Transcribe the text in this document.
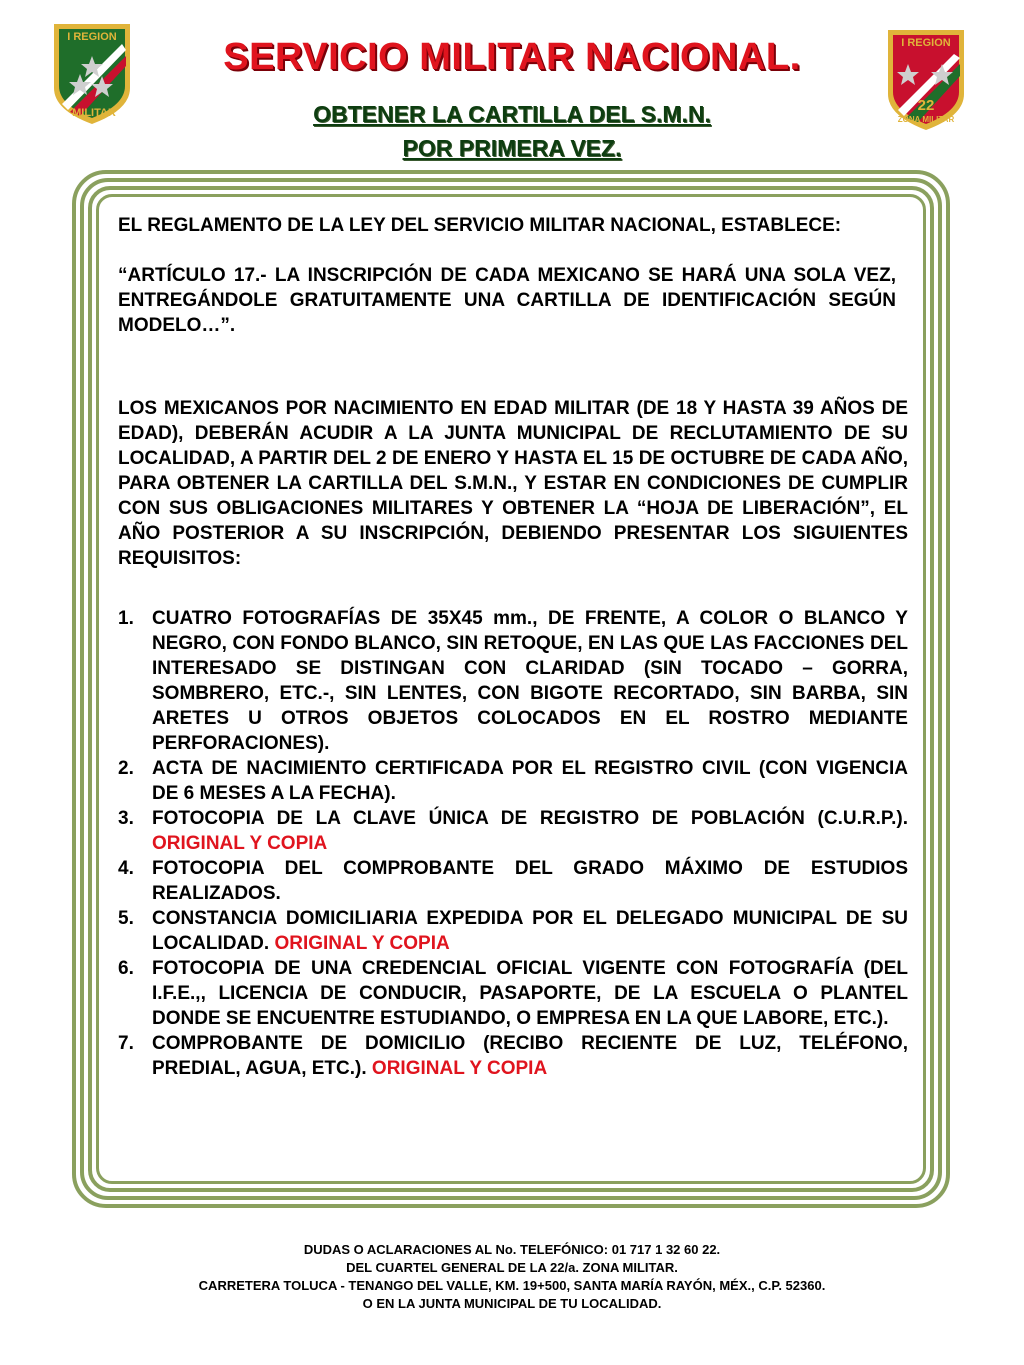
I REGION
MILITAR
I REGION
22
ZONA MILITAR
SERVICIO MILITAR NACIONAL.
OBTENER LA CARTILLA DEL S.M.N.
POR PRIMERA VEZ.

EL REGLAMENTO DE LA LEY DEL SERVICIO MILITAR NACIONAL, ESTABLECE:

“ARTÍCULO 17.- LA INSCRIPCIÓN DE CADA MEXICANO SE HARÁ UNA SOLA VEZ, ENTREGÁNDOLE GRATUITAMENTE UNA CARTILLA DE IDENTIFICACIÓN SEGÚN MODELO…”.

LOS MEXICANOS POR NACIMIENTO EN EDAD MILITAR (DE 18 Y HASTA 39 AÑOS DE EDAD), DEBERÁN ACUDIR A LA JUNTA MUNICIPAL DE RECLUTAMIENTO DE SU LOCALIDAD, A PARTIR DEL 2 DE ENERO Y HASTA EL 15 DE OCTUBRE DE CADA AÑO, PARA OBTENER LA CARTILLA DEL S.M.N., Y ESTAR EN CONDICIONES DE CUMPLIR CON SUS OBLIGACIONES MILITARES Y OBTENER LA “HOJA DE LIBERACIÓN”, EL AÑO POSTERIOR A SU INSCRIPCIÓN, DEBIENDO PRESENTAR LOS SIGUIENTES REQUISITOS:

1. CUATRO FOTOGRAFÍAS DE 35X45 mm., DE FRENTE, A COLOR O BLANCO Y NEGRO, CON FONDO BLANCO, SIN RETOQUE, EN LAS QUE LAS FACCIONES DEL INTERESADO SE DISTINGAN CON CLARIDAD (SIN TOCADO – GORRA, SOMBRERO, ETC.-, SIN LENTES, CON BIGOTE RECORTADO, SIN BARBA, SIN ARETES U OTROS OBJETOS COLOCADOS EN EL ROSTRO MEDIANTE PERFORACIONES).
2. ACTA DE NACIMIENTO CERTIFICADA POR EL REGISTRO CIVIL (CON VIGENCIA DE 6 MESES A LA FECHA).
3. FOTOCOPIA DE LA CLAVE ÚNICA DE REGISTRO DE POBLACIÓN (C.U.R.P.). ORIGINAL Y COPIA
4. FOTOCOPIA DEL COMPROBANTE DEL GRADO MÁXIMO DE ESTUDIOS REALIZADOS.
5. CONSTANCIA DOMICILIARIA EXPEDIDA POR EL DELEGADO MUNICIPAL DE SU LOCALIDAD. ORIGINAL Y COPIA
6. FOTOCOPIA DE UNA CREDENCIAL OFICIAL VIGENTE CON FOTOGRAFÍA (DEL I.F.E.,, LICENCIA DE CONDUCIR, PASAPORTE, DE LA ESCUELA O PLANTEL DONDE SE ENCUENTRE ESTUDIANDO, O EMPRESA EN LA QUE LABORE, ETC.).
7. COMPROBANTE DE DOMICILIO (RECIBO RECIENTE DE LUZ, TELÉFONO, PREDIAL, AGUA, ETC.). ORIGINAL Y COPIA

DUDAS O ACLARACIONES AL No. TELEFÓNICO: 01 717 1 32 60 22.

DEL CUARTEL GENERAL DE LA 22/a. ZONA MILITAR.

CARRETERA TOLUCA - TENANGO DEL VALLE, KM. 19+500, SANTA MARÍA RAYÓN, MÉX., C.P. 52360.

O EN LA JUNTA MUNICIPAL DE TU LOCALIDAD.
